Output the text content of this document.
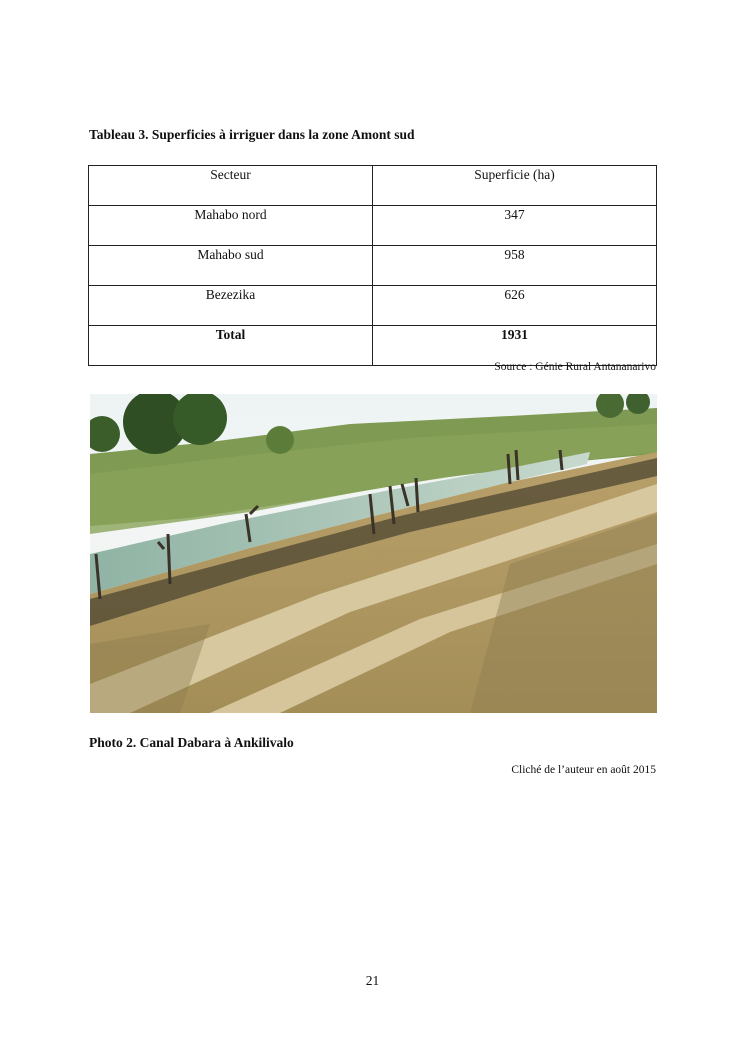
Tableau 3. Superficies à irriguer dans la zone Amont sud
Secteur	Superficie (ha)
Mahabo nord	347
Mahabo sud	958
Bezezika	626
Total	1931
Source : Génie Rural Antananarivo
Photo 2. Canal Dabara à Ankilivalo
Cliché de l’auteur en août 2015
21
